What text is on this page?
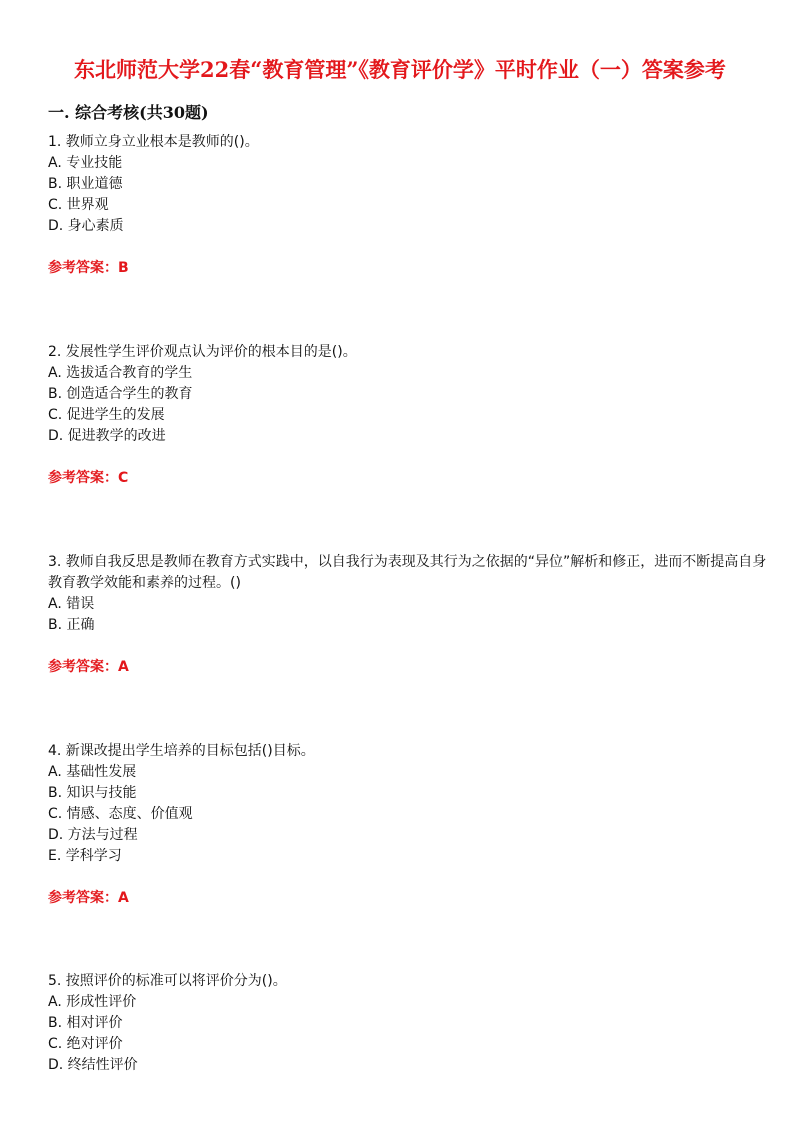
东北师范大学22春“教育管理”《教育评价学》平时作业（一）答案参考
一. 综合考核(共30题)

1. 教师立身立业根本是教师的()。

A. 专业技能

B. 职业道德

C. 世界观

D. 身心素质

参考答案：B

2. 发展性学生评价观点认为评价的根本目的是()。

A. 选拔适合教育的学生

B. 创造适合学生的教育

C. 促进学生的发展

D. 促进教学的改进

参考答案：C

3. 教师自我反思是教师在教育方式实践中，以自我行为表现及其行为之依据的“异位”解析和修正，进而不断提高自身教育教学效能和素养的过程。()

A. 错误

B. 正确

参考答案：A

4. 新课改提出学生培养的目标包括()目标。

A. 基础性发展

B. 知识与技能

C. 情感、态度、价值观

D. 方法与过程

E. 学科学习

参考答案：A

5. 按照评价的标准可以将评价分为()。

A. 形成性评价

B. 相对评价

C. 绝对评价

D. 终结性评价
